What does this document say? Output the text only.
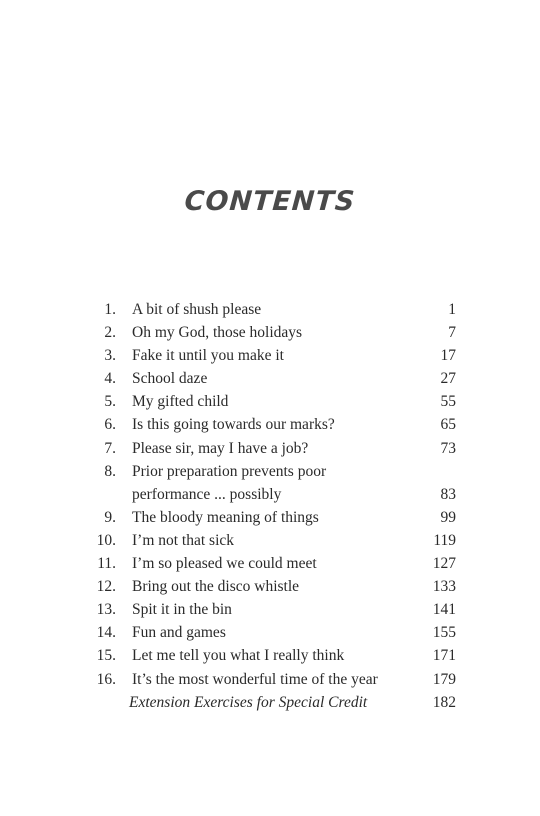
CONTENTS
1. A bit of shush please	1
2. Oh my God, those holidays	7
3. Fake it until you make it	17
4. School daze	27
5. My gifted child	55
6. Is this going towards our marks?	65
7. Please sir, may I have a job?	73
8. Prior preparation prevents poor
performance ... possibly	83
9. The bloody meaning of things	99
10. I’m not that sick	119
11. I’m so pleased we could meet	127
12. Bring out the disco whistle	133
13. Spit it in the bin	141
14. Fun and games	155
15. Let me tell you what I really think	171
16. It’s the most wonderful time of the year	179
Extension Exercises for Special Credit	182
